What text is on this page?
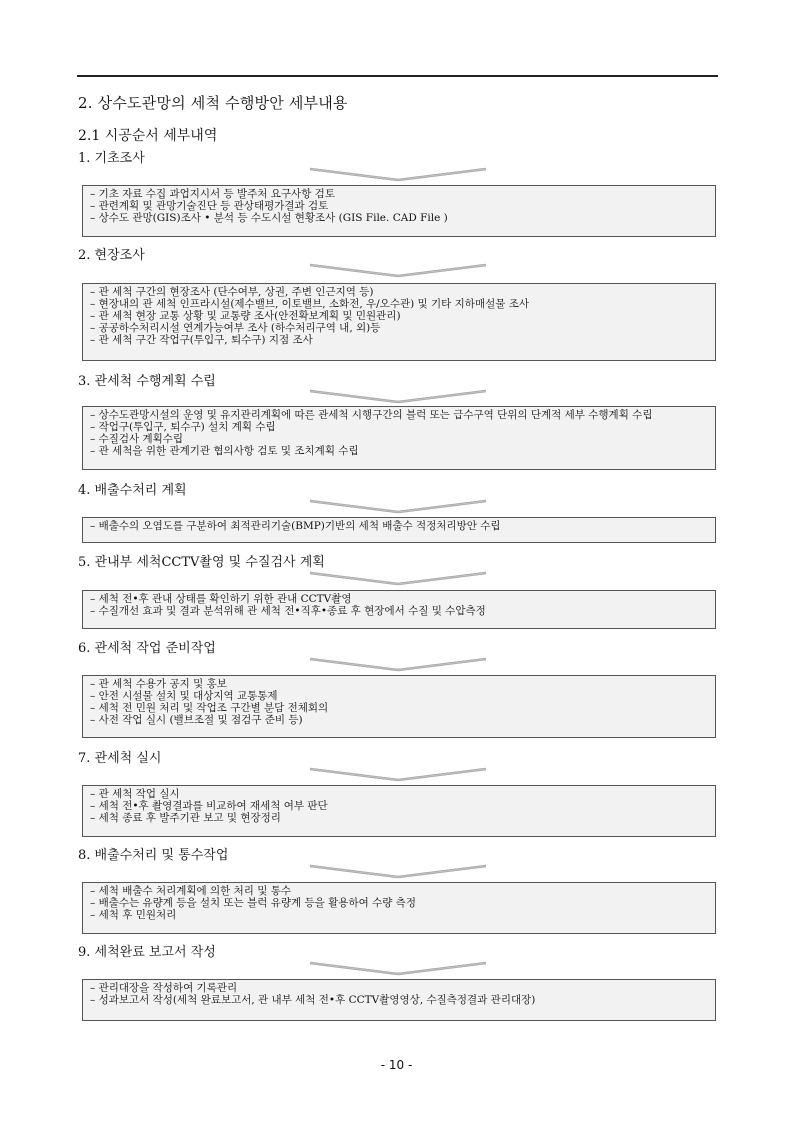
2. 상수도관망의 세척 수행방안 세부내용
2.1 시공순서 세부내역
1. 기초조사
– 기초 자료 수집 과업지시서 등 발주처 요구사항 검토
– 관련계획 및 관망기술진단 등 관상태평가결과 검토
– 상수도 관망(GIS)조사 • 분석 등 수도시설 현황조사 (GIS File. CAD File )
2. 현장조사
– 관 세척 구간의 현장조사 (단수여부, 상권, 주변 인근지역 등)
– 현장내의 관 세척 인프라시설(제수밸브, 이토밸브, 소화전, 우/오수관) 및 기타 지하매설물 조사
– 관 세척 현장 교통 상황 및 교통량 조사(안전확보계획 및 민원관리)
– 공공하수처리시설 연계가능여부 조사 (하수처리구역 내, 외)등
– 관 세척 구간 작업구(투입구, 퇴수구) 지점 조사
3. 관세척 수행계획 수립
– 상수도관망시설의 운영 및 유지관리계획에 따른 관세척 시행구간의 블럭 또는 급수구역 단위의 단계적 세부 수행계획 수립
– 작업구(투입구, 퇴수구) 설치 계획 수립
– 수질검사 계획수립
– 관 세척을 위한 관계기관 협의사항 검토 및 조치계획 수립
4. 배출수처리 계획
– 배출수의 오염도를 구분하여 최적관리기술(BMP)기반의 세척 배출수 적정처리방안 수립
5. 관내부 세척CCTV촬영 및 수질검사 계획
– 세척 전•후 관내 상태를 확인하기 위한 관내 CCTV촬영
– 수질개선 효과 및 결과 분석위해 관 세척 전•직후•종료 후 현장에서 수질 및 수압측정
6. 관세척 작업 준비작업
– 관 세척 수용가 공지 및 홍보
– 안전 시설물 설치 및 대상지역 교통통제
– 세척 전 민원 처리 및 작업조 구간별 분담 전체회의
– 사전 작업 실시 (밸브조절 및 점검구 준비 등)
7. 관세척 실시
– 관 세척 작업 실시
– 세척 전•후 촬영결과를 비교하여 재세척 여부 판단
– 세척 종료 후 발주기관 보고 및 현장정리
8. 배출수처리 및 통수작업
– 세척 배출수 처리계획에 의한 처리 및 통수
– 배출수는 유량계 등을 설치 또는 블럭 유량계 등을 활용하여 수량 측정
– 세척 후 민원처리
9. 세척완료 보고서 작성
– 관리대장을 작성하여 기록관리
– 성과보고서 작성(세척 완료보고서, 관 내부 세척 전•후 CCTV촬영영상, 수질측정결과 관리대장)
- 10 -
